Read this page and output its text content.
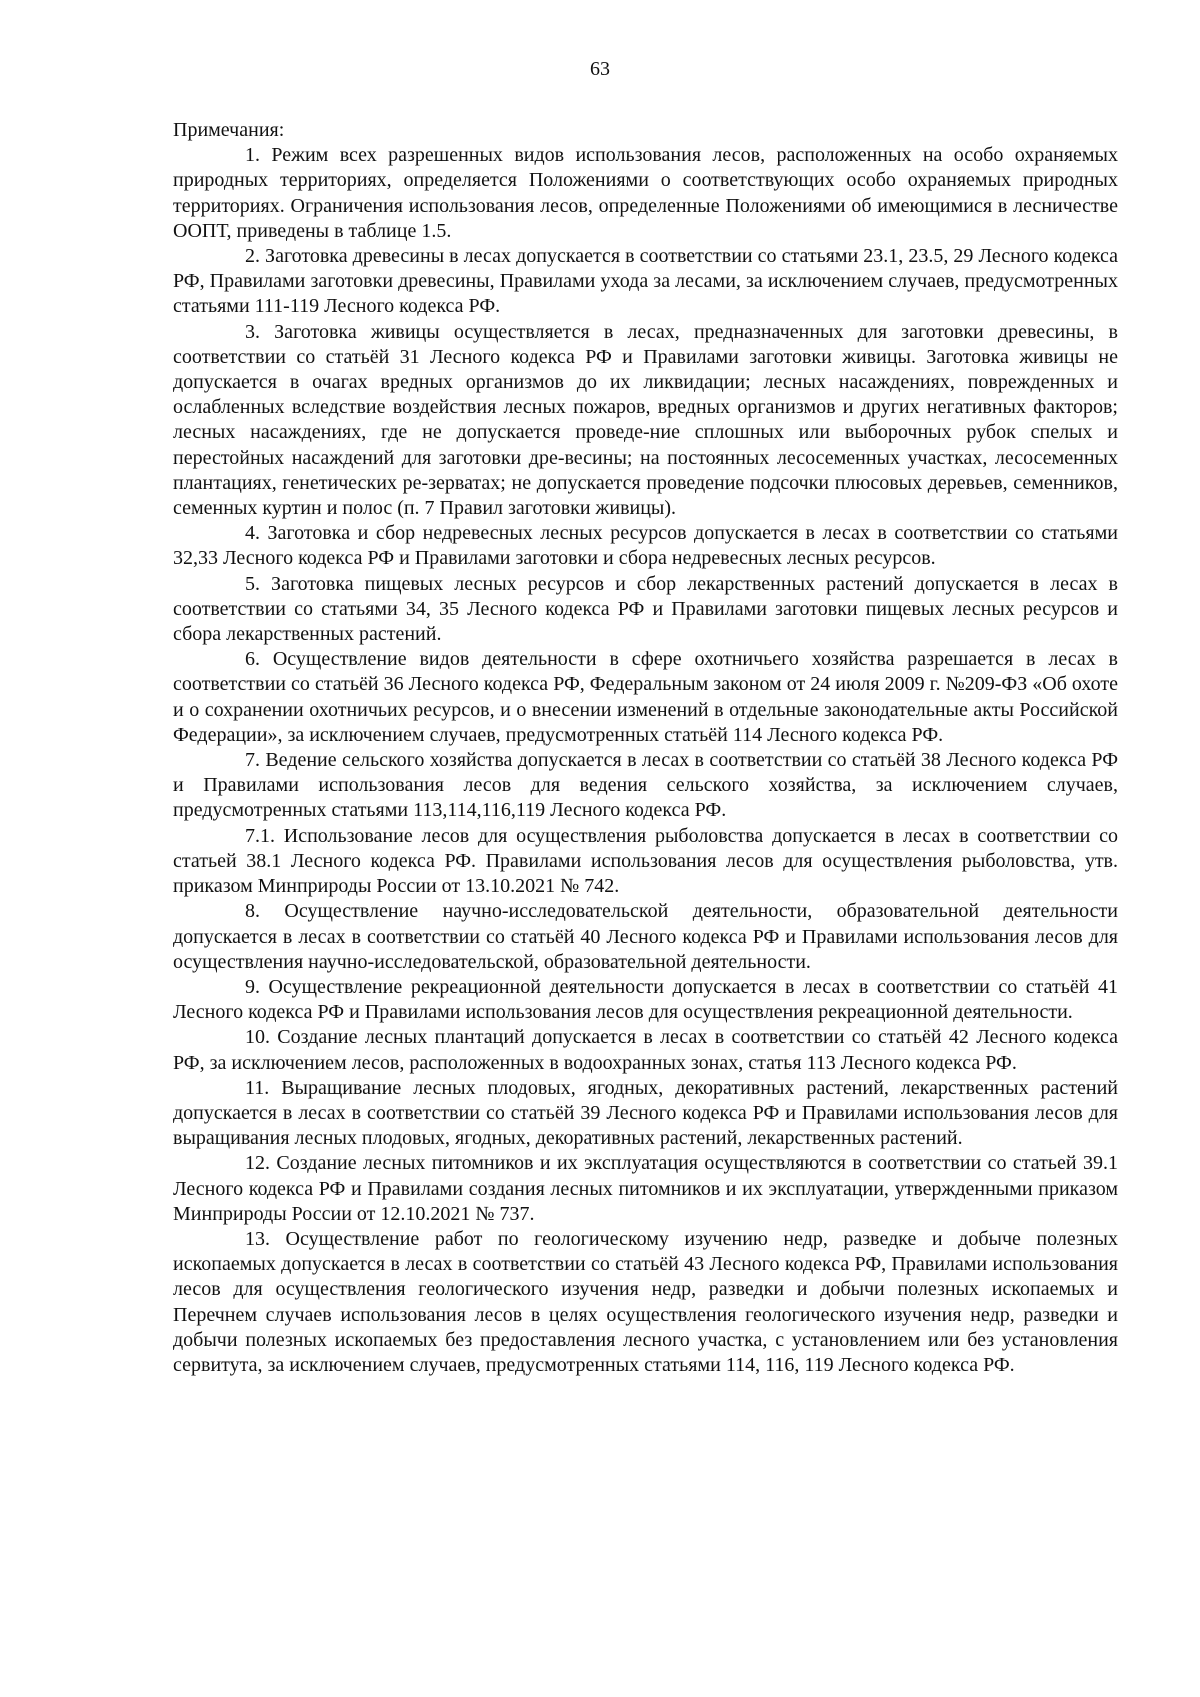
63

Примечания:

1. Режим всех разрешенных видов использования лесов, расположенных на особо охраняемых природных территориях, определяется Положениями о соответствующих особо охраняемых природных территориях. Ограничения использования лесов, определенные Положениями об имеющимися в лесничестве ООПТ, приведены в таблице 1.5.

2. Заготовка древесины в лесах допускается в соответствии со статьями 23.1, 23.5, 29 Лесного кодекса РФ, Правилами заготовки древесины, Правилами ухода за лесами, за исключением случаев, предусмотренных статьями 111-119 Лесного кодекса РФ.

3. Заготовка живицы осуществляется в лесах, предназначенных для заготовки древесины, в соответствии со статьёй 31 Лесного кодекса РФ и Правилами заготовки живицы. Заготовка живицы не допускается в очагах вредных организмов до их ликвидации; лесных насаждениях, поврежденных и ослабленных вследствие воздействия лесных пожаров, вредных организмов и других негативных факторов; лесных насаждениях, где не допускается проведе-ние сплошных или выборочных рубок спелых и перестойных насаждений для заготовки дре-весины; на постоянных лесосеменных участках, лесосеменных плантациях, генетических ре-зерватах; не допускается проведение подсочки плюсовых деревьев, семенников, семенных куртин и полос (п. 7 Правил заготовки живицы).

4. Заготовка и сбор недревесных лесных ресурсов допускается в лесах в соответствии со статьями 32,33 Лесного кодекса РФ и Правилами заготовки и сбора недревесных лесных ресурсов.

5. Заготовка пищевых лесных ресурсов и сбор лекарственных растений допускается в лесах в соответствии со статьями 34, 35 Лесного кодекса РФ и Правилами заготовки пищевых лесных ресурсов и сбора лекарственных растений.

6. Осуществление видов деятельности в сфере охотничьего хозяйства разрешается в лесах в соответствии со статьёй 36 Лесного кодекса РФ, Федеральным законом от 24 июля 2009 г. №209-ФЗ «Об охоте и о сохранении охотничьих ресурсов, и о внесении изменений в отдельные законодательные акты Российской Федерации», за исключением случаев, предусмотренных статьёй 114 Лесного кодекса РФ.

7. Ведение сельского хозяйства допускается в лесах в соответствии со статьёй 38 Лесного кодекса РФ и Правилами использования лесов для ведения сельского хозяйства, за исключением случаев, предусмотренных статьями 113,114,116,119 Лесного кодекса РФ.

7.1. Использование лесов для осуществления рыболовства допускается в лесах в соответствии со статьей 38.1 Лесного кодекса РФ. Правилами использования лесов для осуществления рыболовства, утв. приказом Минприроды России от 13.10.2021 № 742.

8. Осуществление научно-исследовательской деятельности, образовательной деятельности допускается в лесах в соответствии со статьёй 40 Лесного кодекса РФ и Правилами использования лесов для осуществления научно-исследовательской, образовательной деятельности.

9. Осуществление рекреационной деятельности допускается в лесах в соответствии со статьёй 41 Лесного кодекса РФ и Правилами использования лесов для осуществления рекреационной деятельности.

10. Создание лесных плантаций допускается в лесах в соответствии со статьёй 42 Лесного кодекса РФ, за исключением лесов, расположенных в водоохранных зонах, статья 113 Лесного кодекса РФ.

11. Выращивание лесных плодовых, ягодных, декоративных растений, лекарственных растений допускается в лесах в соответствии со статьёй 39 Лесного кодекса РФ и Правилами использования лесов для выращивания лесных плодовых, ягодных, декоративных растений, лекарственных растений.

12. Создание лесных питомников и их эксплуатация осуществляются в соответствии со статьей 39.1 Лесного кодекса РФ и Правилами создания лесных питомников и их эксплуатации, утвержденными приказом Минприроды России от 12.10.2021 № 737.

13. Осуществление работ по геологическому изучению недр, разведке и добыче полезных ископаемых допускается в лесах в соответствии со статьёй 43 Лесного кодекса РФ, Правилами использования лесов для осуществления геологического изучения недр, разведки и добычи полезных ископаемых и Перечнем случаев использования лесов в целях осуществления геологического изучения недр, разведки и добычи полезных ископаемых без предоставления лесного участка, с установлением или без установления сервитута, за исключением случаев, предусмотренных статьями 114, 116, 119 Лесного кодекса РФ.
